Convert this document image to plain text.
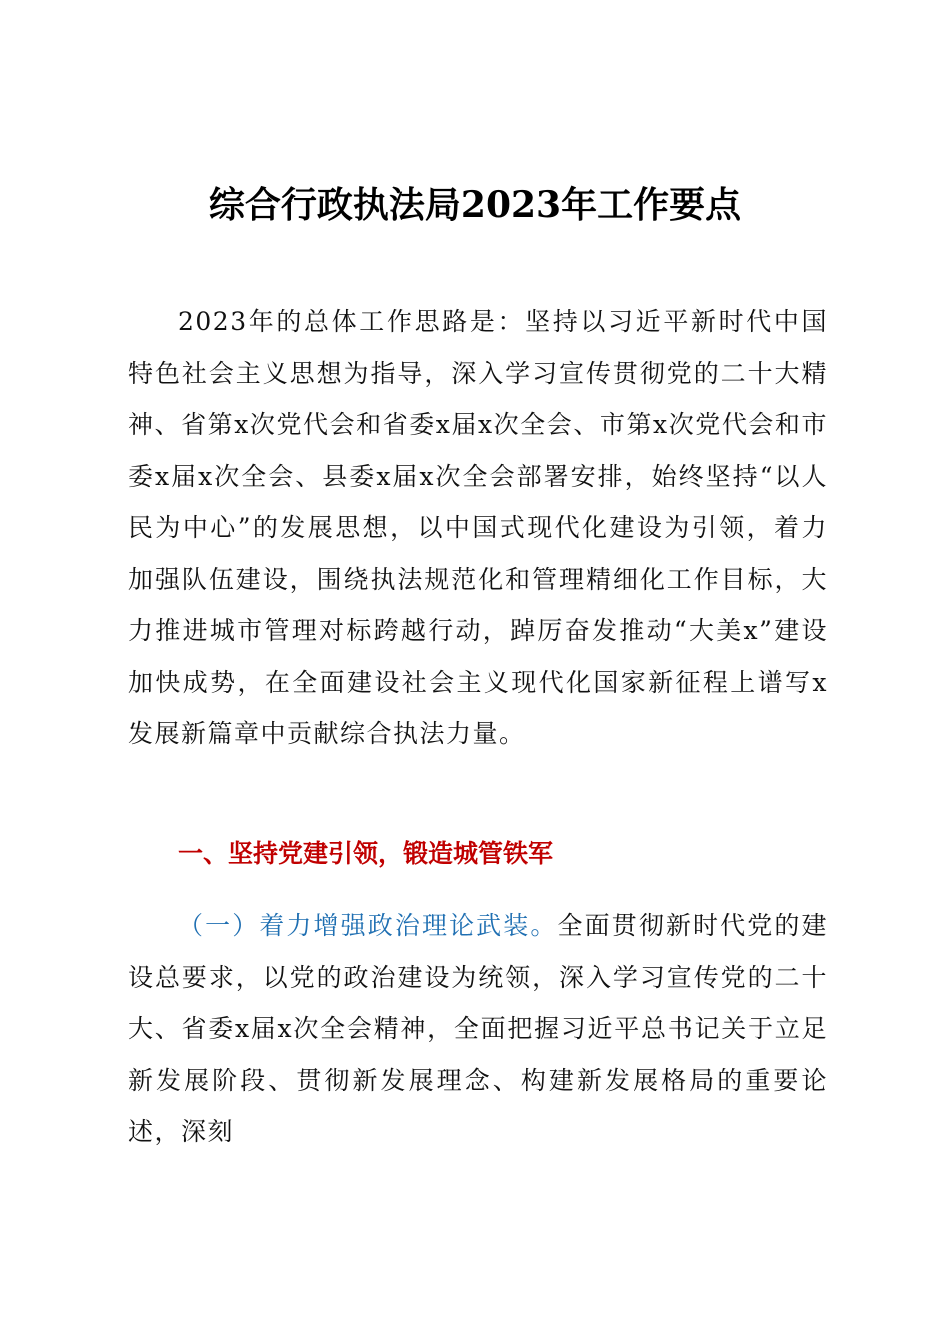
综合行政执法局2023年工作要点

2023年的总体工作思路是：坚持以习近平新时代中国特色社会主义思想为指导，深入学习宣传贯彻党的二十大精神、省第x次党代会和省委x届x次全会、市第x次党代会和市委x届x次全会、县委x届x次全会部署安排，始终坚持“以人民为中心”的发展思想，以中国式现代化建设为引领，着力加强队伍建设，围绕执法规范化和管理精细化工作目标，大力推进城市管理对标跨越行动，踔厉奋发推动“大美x”建设加快成势，在全面建设社会主义现代化国家新征程上谱写x发展新篇章中贡献综合执法力量。

一、坚持党建引领，锻造城管铁军

（一）着力增强政治理论武装。全面贯彻新时代党的建设总要求，以党的政治建设为统领，深入学习宣传党的二十大、省委x届x次全会精神，全面把握习近平总书记关于立足新发展阶段、贯彻新发展理念、构建新发展格局的重要论述，深刻
